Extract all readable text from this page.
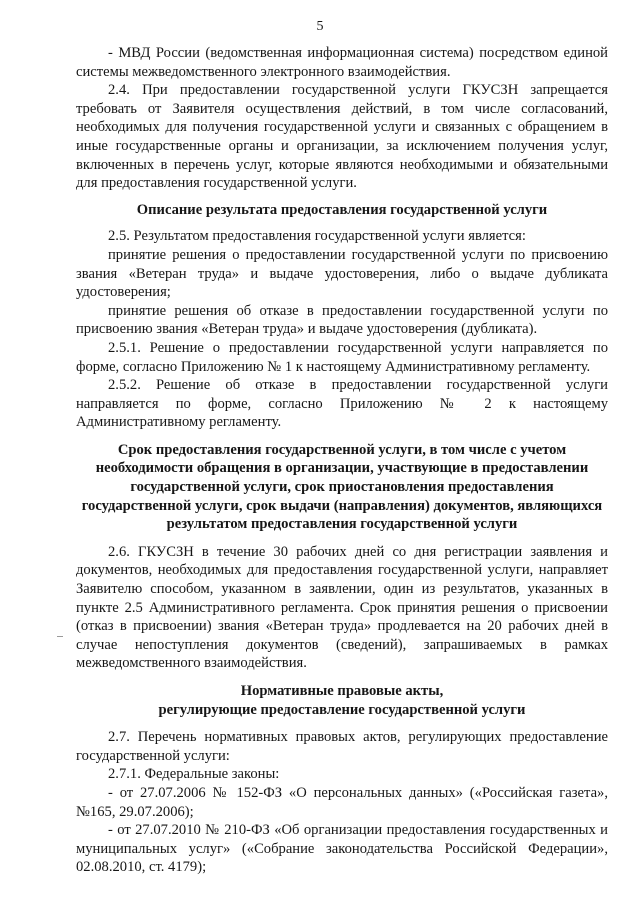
5

- МВД России (ведомственная информационная система) посредством единой системы межведомственного электронного взаимодействия.

2.4. При предоставлении государственной услуги ГКУСЗН запрещается требовать от Заявителя осуществления действий, в том числе согласований, необходимых для получения государственной услуги и связанных с обращением в иные государственные органы и организации, за исключением получения услуг, включенных в перечень услуг, которые являются необходимыми и обязательными для предоставления государственной услуги.

Описание результата предоставления государственной услуги

2.5. Результатом предоставления государственной услуги является:

принятие решения о предоставлении государственной услуги по присвоению звания «Ветеран труда» и выдаче удостоверения, либо о выдаче дубликата удостоверения;

принятие решения об отказе в предоставлении государственной услуги по присвоению звания «Ветеран труда» и выдаче удостоверения (дубликата).

2.5.1. Решение о предоставлении государственной услуги направляется по форме, согласно Приложению № 1 к настоящему Административному регламенту.

2.5.2. Решение об отказе в предоставлении государственной услуги направляется по форме, согласно Приложению № 2 к настоящему Административному регламенту.

Срок предоставления государственной услуги, в том числе с учетом необходимости обращения в организации, участвующие в предоставлении государственной услуги, срок приостановления предоставления государственной услуги, срок выдачи (направления) документов, являющихся результатом предоставления государственной услуги

2.6. ГКУСЗН в течение 30 рабочих дней со дня регистрации заявления и документов, необходимых для предоставления государственной услуги, направляет Заявителю способом, указанном в заявлении, один из результатов, указанных в пункте 2.5 Административного регламента. Срок принятия решения о присвоении (отказ в присвоении) звания «Ветеран труда» продлевается на 20 рабочих дней в случае непоступления документов (сведений), запрашиваемых в рамках межведомственного взаимодействия.

Нормативные правовые акты,
регулирующие предоставление государственной услуги

2.7. Перечень нормативных правовых актов, регулирующих предоставление государственной услуги:

2.7.1. Федеральные законы:

- от 27.07.2006 № 152-ФЗ «О персональных данных» («Российская газета», №165, 29.07.2006);

- от 27.07.2010 № 210-ФЗ «Об организации предоставления государственных и муниципальных услуг» («Собрание законодательства Российской Федерации», 02.08.2010, ст. 4179);
